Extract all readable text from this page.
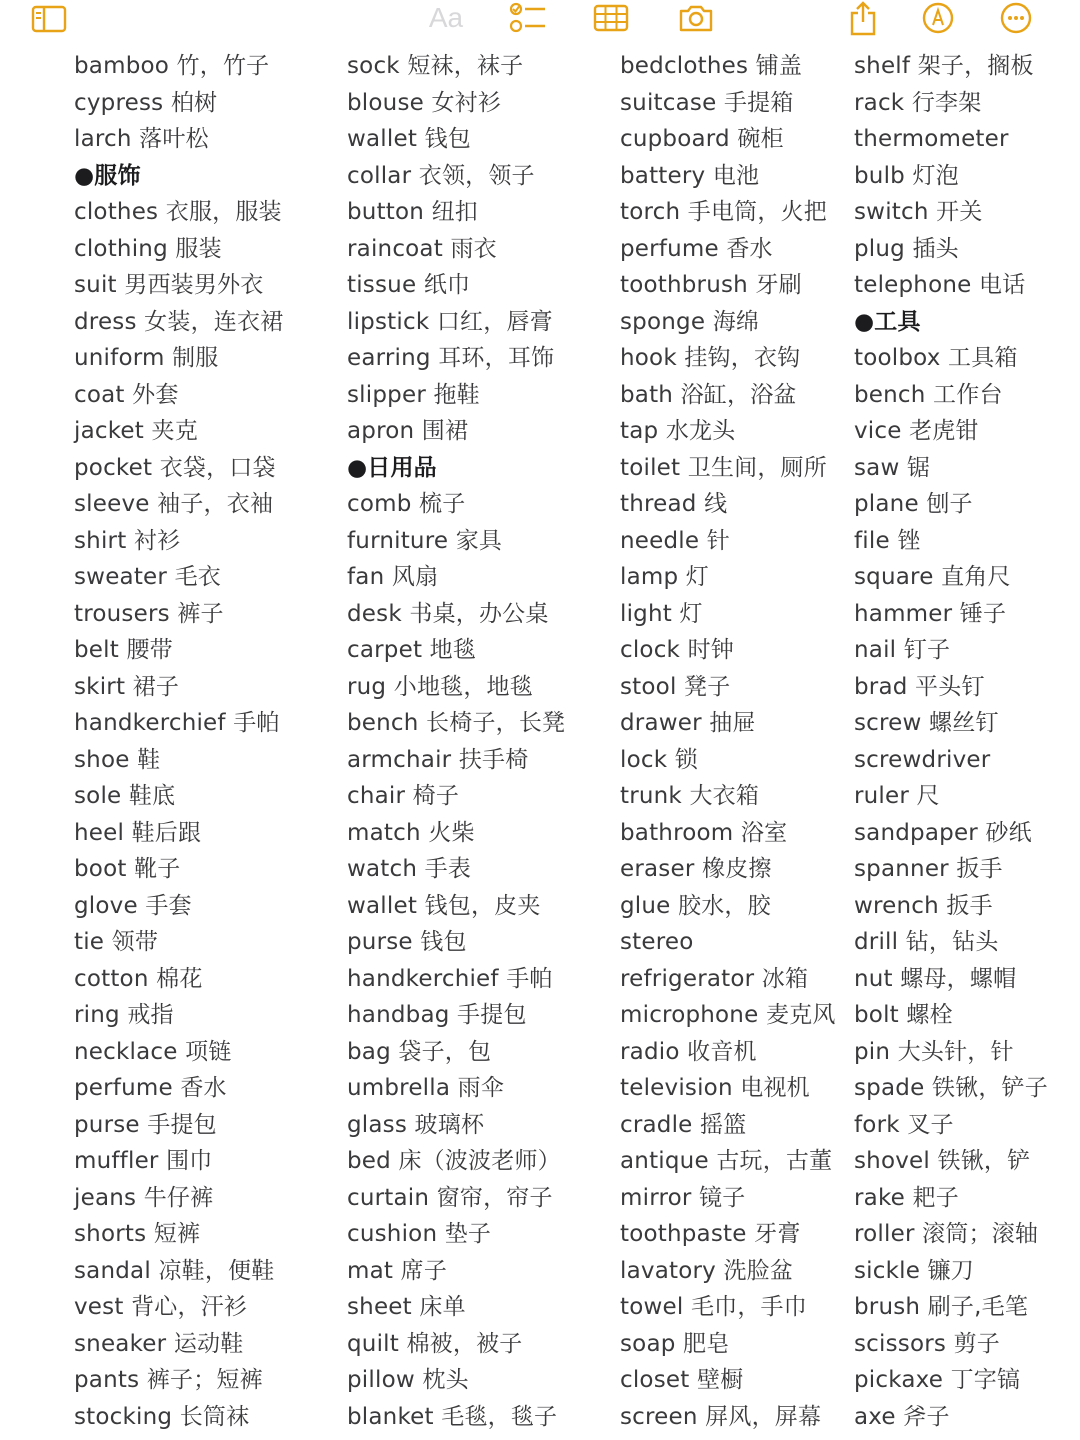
Aa
bamboo 竹，竹子
cypress 柏树
larch 落叶松
●服饰
clothes 衣服，服装
clothing 服装
suit 男西装男外衣
dress 女装，连衣裙
uniform 制服
coat 外套
jacket 夹克
pocket 衣袋，口袋
sleeve 袖子，衣袖
shirt 衬衫
sweater 毛衣
trousers 裤子
belt 腰带
skirt 裙子
handkerchief 手帕
shoe 鞋
sole 鞋底
heel 鞋后跟
boot 靴子
glove 手套
tie 领带
cotton 棉花
ring 戒指
necklace 项链
perfume 香水
purse 手提包
muffler 围巾
jeans 牛仔裤
shorts 短裤
sandal 凉鞋，便鞋
vest 背心，汗衫
sneaker 运动鞋
pants 裤子；短裤
stocking 长筒袜
sock 短袜，袜子
blouse 女衬衫
wallet 钱包
collar 衣领，领子
button 纽扣
raincoat 雨衣
tissue 纸巾
lipstick 口红，唇膏
earring 耳环，耳饰
slipper 拖鞋
apron 围裙
●日用品
comb 梳子
furniture 家具
fan 风扇
desk 书桌，办公桌
carpet 地毯
rug 小地毯，地毯
bench 长椅子，长凳
armchair 扶手椅
chair 椅子
match 火柴
watch 手表
wallet 钱包，皮夹
purse 钱包
handkerchief 手帕
handbag 手提包
bag 袋子，包
umbrella 雨伞
glass 玻璃杯
bed 床（波波老师）
curtain 窗帘，帘子
cushion 垫子
mat 席子
sheet 床单
quilt 棉被，被子
pillow 枕头
blanket 毛毯，毯子
bedclothes 铺盖
suitcase 手提箱
cupboard 碗柜
battery 电池
torch 手电筒，火把
perfume 香水
toothbrush 牙刷
sponge 海绵
hook 挂钩，衣钩
bath 浴缸，浴盆
tap 水龙头
toilet 卫生间，厕所
thread 线
needle 针
lamp 灯
light 灯
clock 时钟
stool 凳子
drawer 抽屉
lock 锁
trunk 大衣箱
bathroom 浴室
eraser 橡皮擦
glue 胶水，胶
stereo
refrigerator 冰箱
microphone 麦克风
radio 收音机
television 电视机
cradle 摇篮
antique 古玩，古董
mirror 镜子
toothpaste 牙膏
lavatory 洗脸盆
towel 毛巾，手巾
soap 肥皂
closet 壁橱
screen 屏风，屏幕
shelf 架子，搁板
rack 行李架
thermometer
bulb 灯泡
switch 开关
plug 插头
telephone 电话
●工具
toolbox 工具箱
bench 工作台
vice 老虎钳
saw 锯
plane 刨子
file 锉
square 直角尺
hammer 锤子
nail 钉子
brad 平头钉
screw 螺丝钉
screwdriver
ruler 尺
sandpaper 砂纸
spanner 扳手
wrench 扳手
drill 钻，钻头
nut 螺母，螺帽
bolt 螺栓
pin 大头针，针
spade 铁锹，铲子
fork 叉子
shovel 铁锹，铲
rake 耙子
roller 滚筒；滚轴
sickle 镰刀
brush 刷子,毛笔
scissors 剪子
pickaxe 丁字镐
axe 斧子
